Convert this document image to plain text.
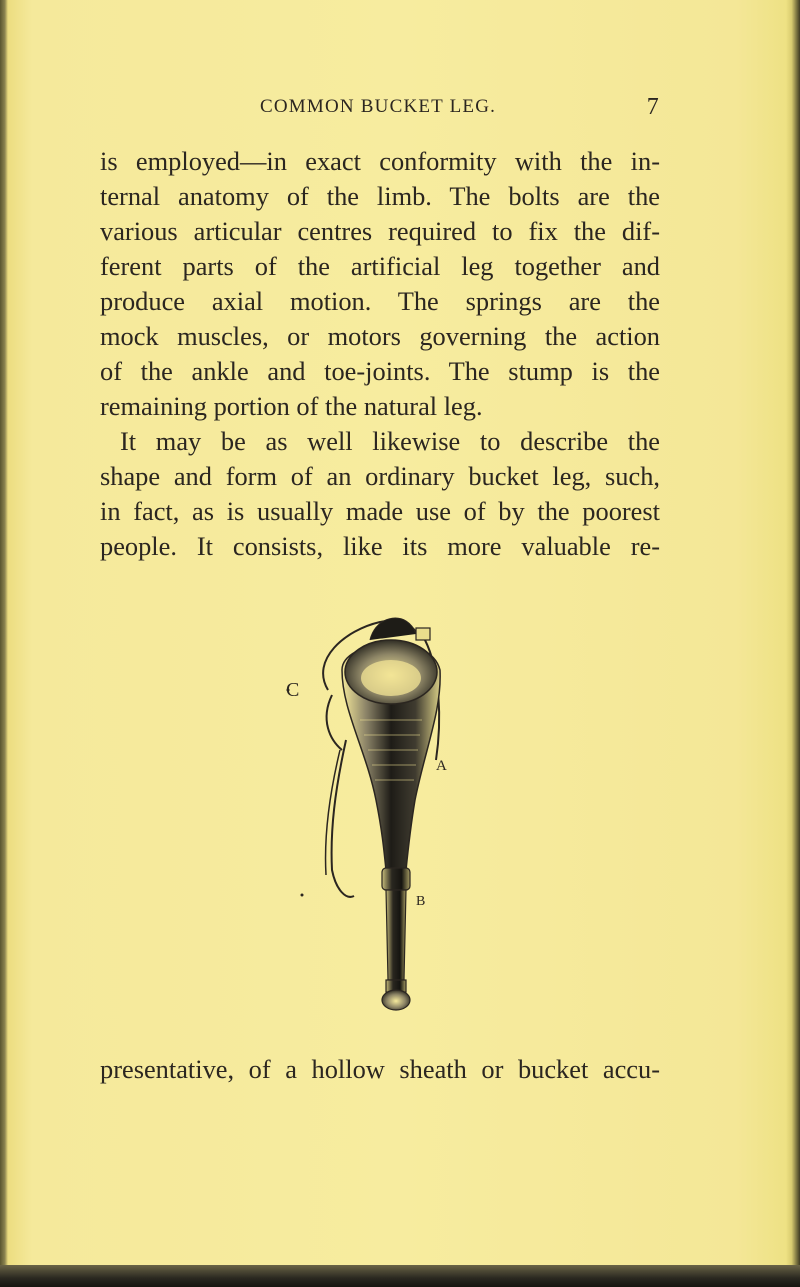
COMMON BUCKET LEG.	7
is employed—in exact conformity with the in-
ternal anatomy of the limb. The bolts are the
various articular centres required to fix the dif-
ferent parts of the artificial leg together and
produce axial motion. The springs are the
mock muscles, or motors governing the action
of the ankle and toe-joints. The stump is the
remaining portion of the natural leg.
It may be as well likewise to describe the
shape and form of an ordinary bucket leg, such,
in fact, as is usually made use of by the poorest
people. It consists, like its more valuable re-
C
A
B
presentative, of a hollow sheath or bucket accu-
